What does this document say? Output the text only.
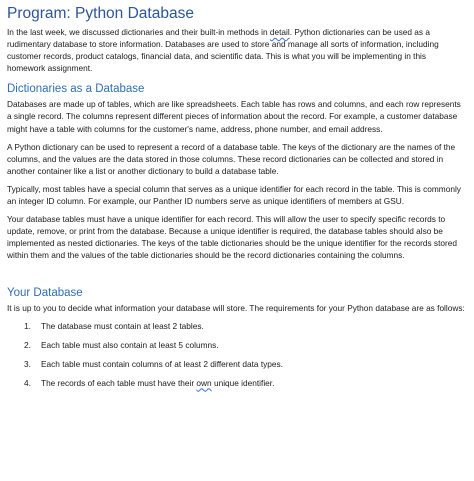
Program: Python Database

In the last week, we discussed dictionaries and their built-in methods in detail. Python dictionaries can be used as a rudimentary database to store information. Databases are used to store and manage all sorts of information, including customer records, product catalogs, financial data, and scientific data. This is what you will be implementing in this homework assignment.

Dictionaries as a Database

Databases are made up of tables, which are like spreadsheets. Each table has rows and columns, and each row represents a single record. The columns represent different pieces of information about the record. For example, a customer database might have a table with columns for the customer's name, address, phone number, and email address.

A Python dictionary can be used to represent a record of a database table. The keys of the dictionary are the names of the columns, and the values are the data stored in those columns. These record dictionaries can be collected and stored in another container like a list or another dictionary to build a database table.

Typically, most tables have a special column that serves as a unique identifier for each record in the table. This is commonly an integer ID column. For example, our Panther ID numbers serve as unique identifiers of members at GSU.

Your database tables must have a unique identifier for each record. This will allow the user to specify specific records to update, remove, or print from the database. Because a unique identifier is required, the database tables should also be implemented as nested dictionaries. The keys of the table dictionaries should be the unique identifier for the records stored within them and the values of the table dictionaries should be the record dictionaries containing the columns.

Your Database

It is up to you to decide what information your database will store. The requirements for your Python database are as follows:

1.	The database must contain at least 2 tables.
2.	Each table must also contain at least 5 columns.
3.	Each table must contain columns of at least 2 different data types.
4.	The records of each table must have their own unique identifier.
